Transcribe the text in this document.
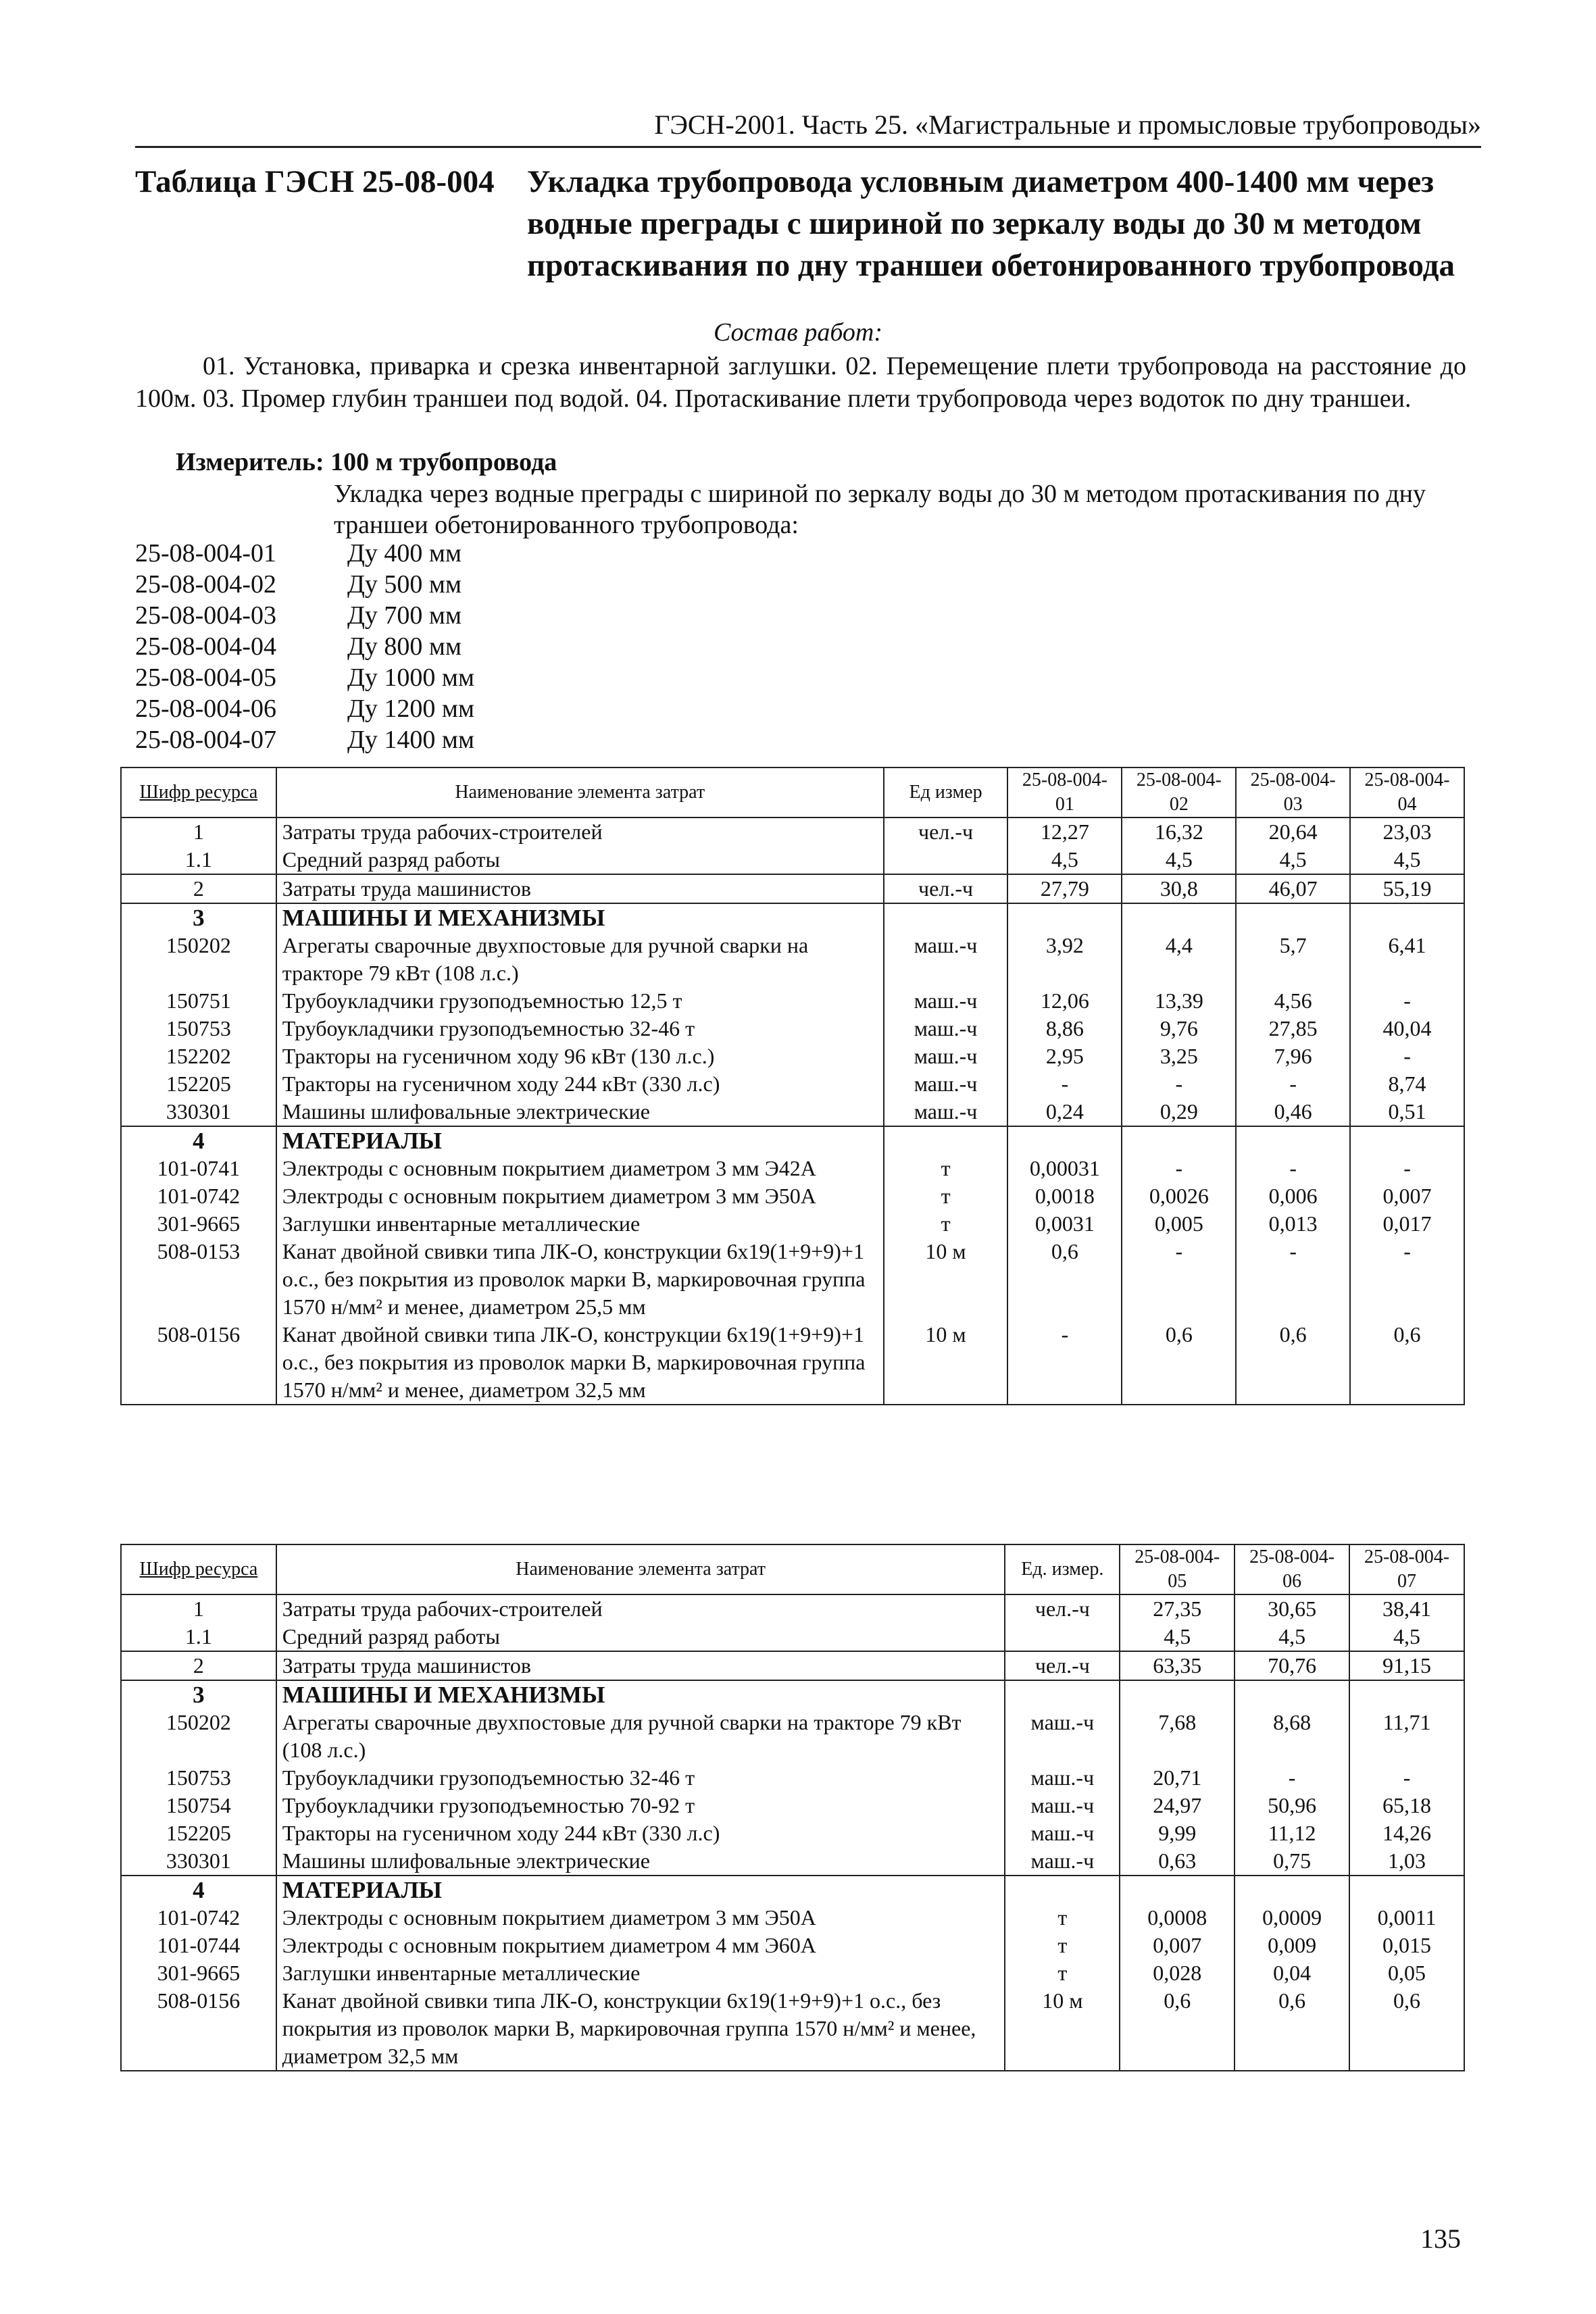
ГЭСН-2001. Часть 25. «Магистральные и промысловые трубопроводы»
Таблица ГЭСН 25-08-004 Укладка трубопровода условным диаметром 400-1400 мм через водные преграды с шириной по зеркалу воды до 30 м методом протаскивания по дну траншеи обетонированного трубопровода
Состав работ:
01. Установка, приварка и срезка инвентарной заглушки. 02. Перемещение плети трубопровода на расстояние до 100м. 03. Промер глубин траншеи под водой. 04. Протаскивание плети трубопровода через водоток по дну траншеи.
Измеритель: 100 м трубопровода
Укладка через водные преграды с шириной по зеркалу воды до 30 м методом протаскивания по дну траншеи обетонированного трубопровода:
25-08-004-01	Ду 400 мм
25-08-004-02	Ду 500 мм
25-08-004-03	Ду 700 мм
25-08-004-04	Ду 800 мм
25-08-004-05	Ду 1000 мм
25-08-004-06	Ду 1200 мм
25-08-004-07	Ду 1400 мм
Шифр ресурса	Наименование элемента затрат	Ед измер	25-08-004-01	25-08-004-02	25-08-004-03	25-08-004-04
1	Затраты труда рабочих-строителей	чел.-ч	12,27	16,32	20,64	23,03
1.1	Средний разряд работы		4,5	4,5	4,5	4,5
2	Затраты труда машинистов	чел.-ч	27,79	30,8	46,07	55,19
3	МАШИНЫ И МЕХАНИЗМЫ					
150202	Агрегаты сварочные двухпостовые для ручной сварки на тракторе 79 кВт (108 л.с.)	маш.-ч	3,92	4,4	5,7	6,41
150751	Трубоукладчики грузоподъемностью 12,5 т	маш.-ч	12,06	13,39	4,56	-
150753	Трубоукладчики грузоподъемностью 32-46 т	маш.-ч	8,86	9,76	27,85	40,04
152202	Тракторы на гусеничном ходу 96 кВт (130 л.с.)	маш.-ч	2,95	3,25	7,96	-
152205	Тракторы на гусеничном ходу 244 кВт (330 л.с)	маш.-ч	-	-	-	8,74
330301	Машины шлифовальные электрические	маш.-ч	0,24	0,29	0,46	0,51
4	МАТЕРИАЛЫ					
101-0741	Электроды с основным покрытием диаметром 3 мм Э42А	т	0,00031	-	-	-
101-0742	Электроды с основным покрытием диаметром 3 мм Э50А	т	0,0018	0,0026	0,006	0,007
301-9665	Заглушки инвентарные металлические	т	0,0031	0,005	0,013	0,017
508-0153	Канат двойной свивки типа ЛК-О, конструкции 6х19(1+9+9)+1 о.с., без покрытия из проволок марки В, маркировочная группа 1570 н/мм² и менее, диаметром 25,5 мм	10 м	0,6	-	-	-
508-0156	Канат двойной свивки типа ЛК-О, конструкции 6х19(1+9+9)+1 о.с., без покрытия из проволок марки В, маркировочная группа 1570 н/мм² и менее, диаметром 32,5 мм	10 м	-	0,6	0,6	0,6
Шифр ресурса	Наименование элемента затрат	Ед. измер.	25-08-004-05	25-08-004-06	25-08-004-07
1	Затраты труда рабочих-строителей	чел.-ч	27,35	30,65	38,41
1.1	Средний разряд работы		4,5	4,5	4,5
2	Затраты труда машинистов	чел.-ч	63,35	70,76	91,15
3	МАШИНЫ И МЕХАНИЗМЫ				
150202	Агрегаты сварочные двухпостовые для ручной сварки на тракторе 79 кВт (108 л.с.)	маш.-ч	7,68	8,68	11,71
150753	Трубоукладчики грузоподъемностью 32-46 т	маш.-ч	20,71	-	-
150754	Трубоукладчики грузоподъемностью 70-92 т	маш.-ч	24,97	50,96	65,18
152205	Тракторы на гусеничном ходу 244 кВт (330 л.с)	маш.-ч	9,99	11,12	14,26
330301	Машины шлифовальные электрические	маш.-ч	0,63	0,75	1,03
4	МАТЕРИАЛЫ				
101-0742	Электроды с основным покрытием диаметром 3 мм Э50А	т	0,0008	0,0009	0,0011
101-0744	Электроды с основным покрытием диаметром 4 мм Э60А	т	0,007	0,009	0,015
301-9665	Заглушки инвентарные металлические	т	0,028	0,04	0,05
508-0156	Канат двойной свивки типа ЛК-О, конструкции 6х19(1+9+9)+1 о.с., без покрытия из проволок марки В, маркировочная группа 1570 н/мм² и менее, диаметром 32,5 мм	10 м	0,6	0,6	0,6
135
